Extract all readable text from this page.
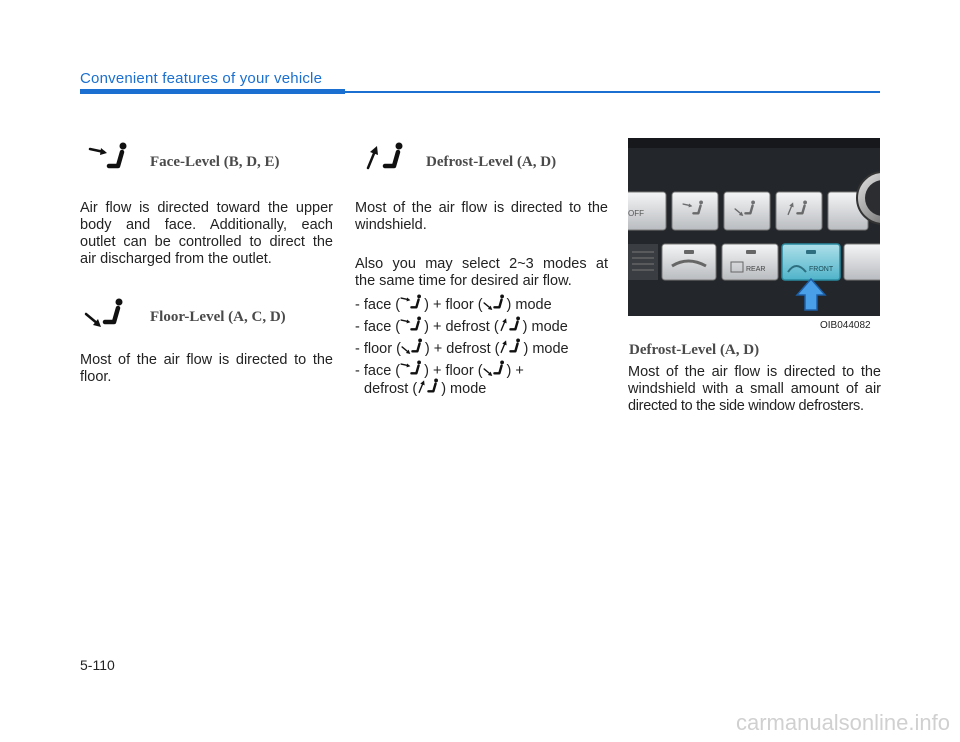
Convenient features of your vehicle
Face-Level (B, D, E)
Air flow is directed toward the upper
body and face. Additionally, each
outlet can be controlled to direct the
air discharged from the outlet.
Floor-Level (A, C, D)
Most of the air flow is directed to the
floor.
Defrost-Level (A, D)
Most of the air flow is directed to the
windshield.
Also you may select 2~3 modes at
the same time for desired air flow.
- face ( ) + floor ( ) mode
- face ( ) + defrost ( ) mode
- floor ( ) + defrost ( ) mode
- face ( ) + floor ( ) +
defrost ( ) mode
OFF
REAR	FRONT
OIB044082
Defrost-Level (A, D)
Most of the air flow is directed to the
windshield with a small amount of air
directed to the side window defrosters.
5-110
carmanualsonline.info
